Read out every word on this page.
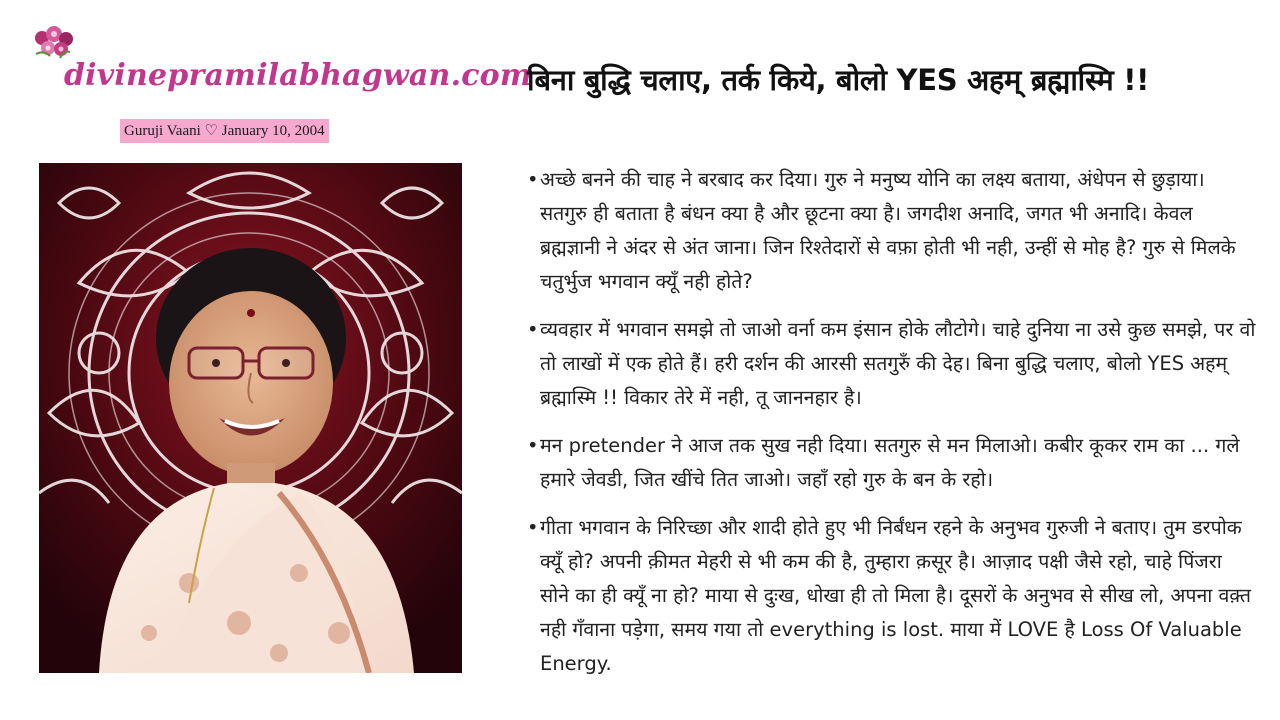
divinepramilabhagwan.com
Guruji Vaani ♡ January 10, 2004
बिना बुद्धि चलाए, तर्क किये, बोलो YES अहम् ब्रह्मास्मि !!
• अच्छे बनने की चाह ने बरबाद कर दिया। गुरु ने मनुष्य योनि का लक्ष्य बताया, अंधेपन से छुड़ाया। सतगुरु ही बताता है बंधन क्या है और छूटना क्या है। जगदीश अनादि, जगत भी अनादि। केवल ब्रह्मज्ञानी ने अंदर से अंत जाना। जिन रिश्तेदारों से वफ़ा होती भी नही, उन्हीं से मोह है? गुरु से मिलके चतुर्भुज भगवान क्यूँ नही होते?
• व्यवहार में भगवान समझे तो जाओ वर्ना कम इंसान होके लौटोगे। चाहे दुनिया ना उसे कुछ समझे, पर वो तो लाखों में एक होते हैं। हरी दर्शन की आरसी सतगुरुँ की देह। बिना बुद्धि चलाए, बोलो YES अहम् ब्रह्मास्मि !! विकार तेरे में नही, तू जाननहार है।
• मन pretender ने आज तक सुख नही दिया। सतगुरु से मन मिलाओ। कबीर कूकर राम का ... गले हमारे जेवडी, जित खींचे तित जाओ। जहाँ रहो गुरु के बन के रहो।
• गीता भगवान के निरिच्छा और शादी होते हुए भी निर्बंधन रहने के अनुभव गुरुजी ने बताए। तुम डरपोक क्यूँ हो? अपनी क़ीमत मेहरी से भी कम की है, तुम्हारा क़सूर है। आज़ाद पक्षी जैसे रहो, चाहे पिंजरा सोने का ही क्यूँ ना हो? माया से दुःख, धोखा ही तो मिला है। दूसरों के अनुभव से सीख लो, अपना वक़्त नही गँवाना पड़ेगा, समय गया तो everything is lost. माया में LOVE है Loss Of Valuable Energy.
